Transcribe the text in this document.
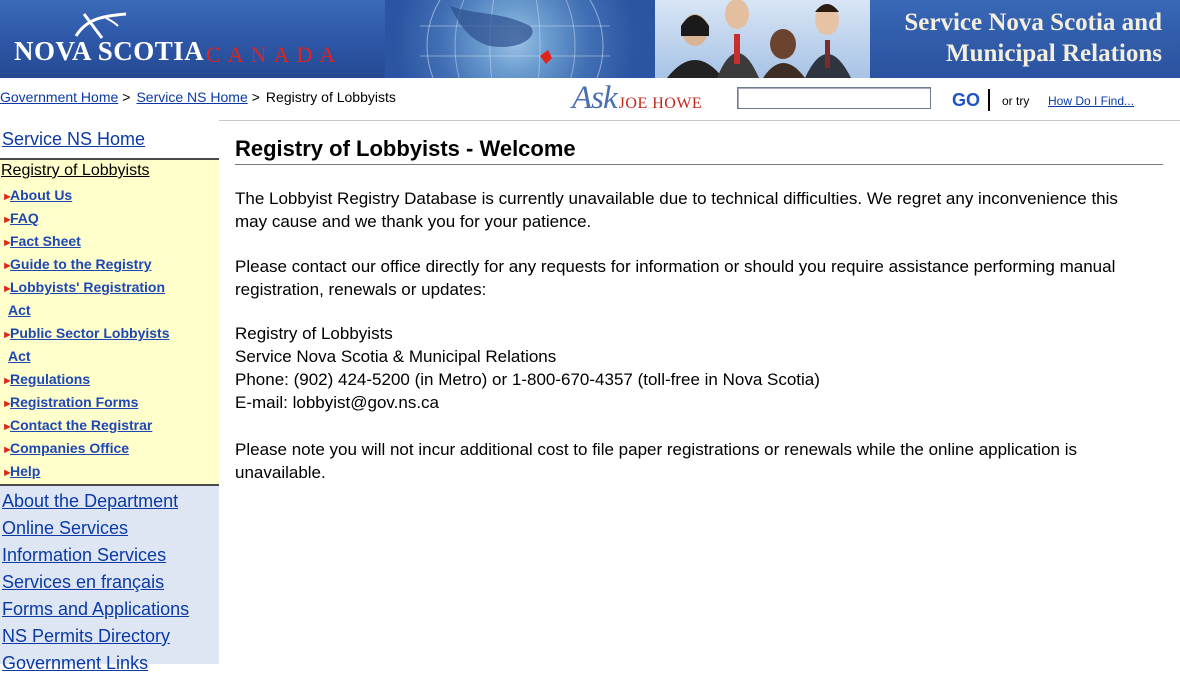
NOVA SCOTIA CANADA
Service Nova Scotia and
Municipal Relations
Government Home > Service NS Home > Registry of Lobbyists	Ask JOE HOWE	GO or try How Do I Find...
Service NS Home
Registry of Lobbyists
►About Us
►FAQ
►Fact Sheet
►Guide to the Registry
►Lobbyists' Registration
Act
►Public Sector Lobbyists
Act
►Regulations
►Registration Forms
►Contact the Registrar
►Companies Office
►Help
About the Department
Online Services
Information Services
Services en français
Forms and Applications
NS Permits Directory
Government Links
Registry of Lobbyists - Welcome

The Lobbyist Registry Database is currently unavailable due to technical difficulties. We regret any inconvenience this may cause and we thank you for your patience.

Please contact our office directly for any requests for information or should you require assistance performing manual registration, renewals or updates:

Registry of Lobbyists
Service Nova Scotia & Municipal Relations
Phone: (902) 424-5200 (in Metro) or 1-800-670-4357 (toll-free in Nova Scotia)
E-mail: lobbyist@gov.ns.ca

Please note you will not incur additional cost to file paper registrations or renewals while the online application is unavailable.
